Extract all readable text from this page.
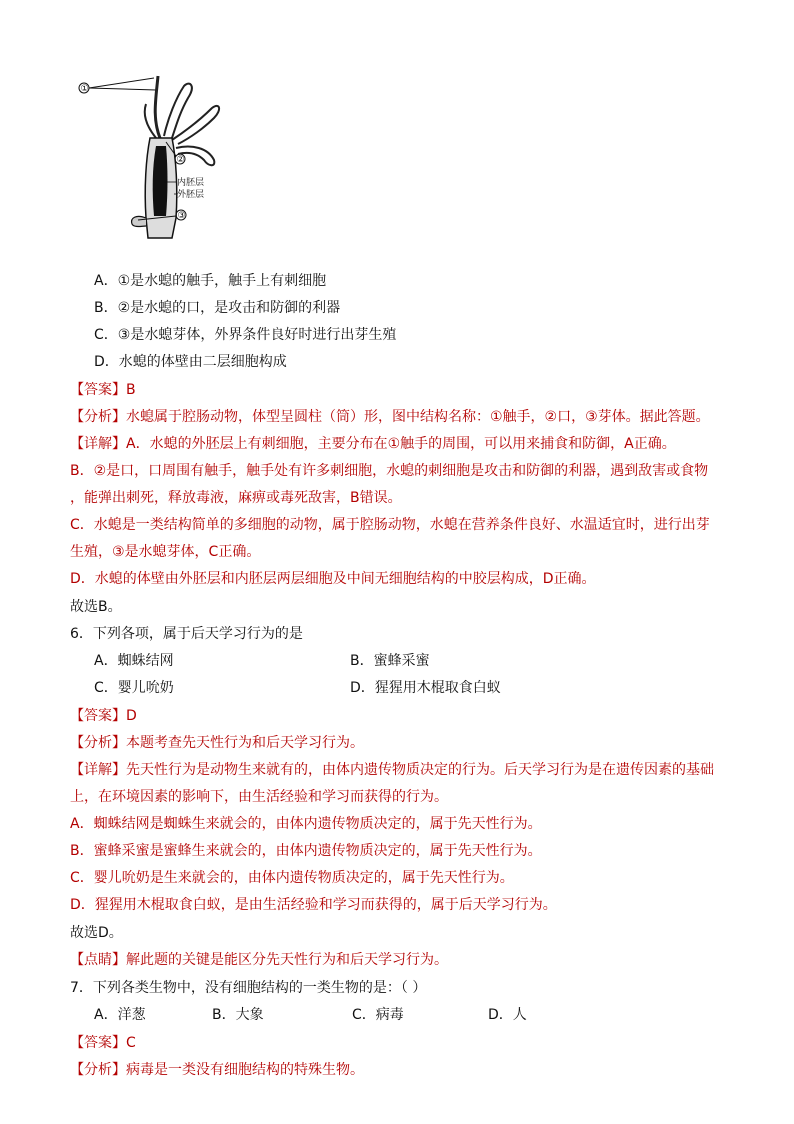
①
②
内胚层
外胚层
③
A．①是水螅的触手，触手上有刺细胞
B．②是水螅的口，是攻击和防御的利器
C．③是水螅芽体，外界条件良好时进行出芽生殖
D．水螅的体壁由二层细胞构成
【答案】B
【分析】水螅属于腔肠动物，体型呈圆柱（筒）形，图中结构名称：①触手，②口，③芽体。据此答题。
【详解】A．水螅的外胚层上有刺细胞，主要分布在①触手的周围，可以用来捕食和防御，A正确。
B．②是口，口周围有触手，触手处有许多刺细胞，水螅的刺细胞是攻击和防御的利器，遇到敌害或食物
，能弹出刺死，释放毒液，麻痹或毒死敌害，B错误。
C．水螅是一类结构简单的多细胞的动物，属于腔肠动物，水螅在营养条件良好、水温适宜时，进行出芽
生殖，③是水螅芽体，C正确。
D．水螅的体壁由外胚层和内胚层两层细胞及中间无细胞结构的中胶层构成，D正确。
故选B。
6．下列各项，属于后天学习行为的是
A．蜘蛛结网	B．蜜蜂采蜜
C．婴儿吮奶	D．猩猩用木棍取食白蚁
【答案】D
【分析】本题考查先天性行为和后天学习行为。
【详解】先天性行为是动物生来就有的，由体内遗传物质决定的行为。后天学习行为是在遗传因素的基础
上，在环境因素的影响下，由生活经验和学习而获得的行为。
A．蜘蛛结网是蜘蛛生来就会的，由体内遗传物质决定的，属于先天性行为。
B．蜜蜂采蜜是蜜蜂生来就会的，由体内遗传物质决定的，属于先天性行为。
C．婴儿吮奶是生来就会的，由体内遗传物质决定的，属于先天性行为。
D．猩猩用木棍取食白蚁，是由生活经验和学习而获得的，属于后天学习行为。
故选D。
【点睛】解此题的关键是能区分先天性行为和后天学习行为。
7．下列各类生物中，没有细胞结构的一类生物的是：（ ）
A．洋葱	B．大象	C．病毒	D．人
【答案】C
【分析】病毒是一类没有细胞结构的特殊生物。
